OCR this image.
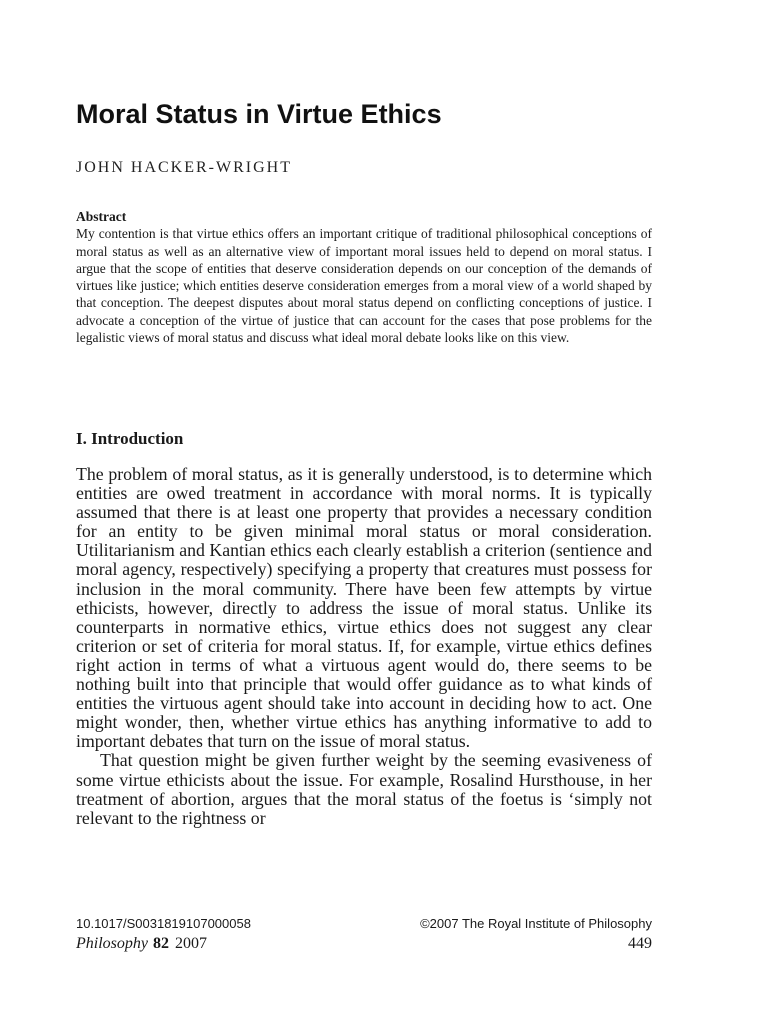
Moral Status in Virtue Ethics
JOHN HACKER-WRIGHT

Abstract

My contention is that virtue ethics offers an important critique of traditional philosophical conceptions of moral status as well as an alternative view of important moral issues held to depend on moral status. I argue that the scope of entities that deserve consideration depends on our conception of the demands of virtues like justice; which entities deserve consideration emerges from a moral view of a world shaped by that conception. The deepest disputes about moral status depend on conflicting conceptions of justice. I advocate a conception of the virtue of justice that can account for the cases that pose problems for the legalistic views of moral status and discuss what ideal moral debate looks like on this view.

I. Introduction

The problem of moral status, as it is generally understood, is to determine which entities are owed treatment in accordance with moral norms. It is typically assumed that there is at least one property that provides a necessary condition for an entity to be given minimal moral status or moral consideration. Utilitarianism and Kantian ethics each clearly establish a criterion (sentience and moral agency, respectively) specifying a property that creatures must possess for inclusion in the moral community. There have been few attempts by virtue ethicists, however, directly to address the issue of moral status. Unlike its counterparts in normative ethics, virtue ethics does not suggest any clear criterion or set of criteria for moral status. If, for example, virtue ethics defines right action in terms of what a virtuous agent would do, there seems to be nothing built into that principle that would offer guidance as to what kinds of entities the virtuous agent should take into account in deciding how to act. One might wonder, then, whether virtue ethics has anything informative to add to important debates that turn on the issue of moral status.

That question might be given further weight by the seeming evasiveness of some virtue ethicists about the issue. For example, Rosalind Hursthouse, in her treatment of abortion, argues that the moral status of the foetus is ‘simply not relevant to the rightness or

10.1017/S0031819107000058	©2007 The Royal Institute of Philosophy
Philosophy 82 2007	449
